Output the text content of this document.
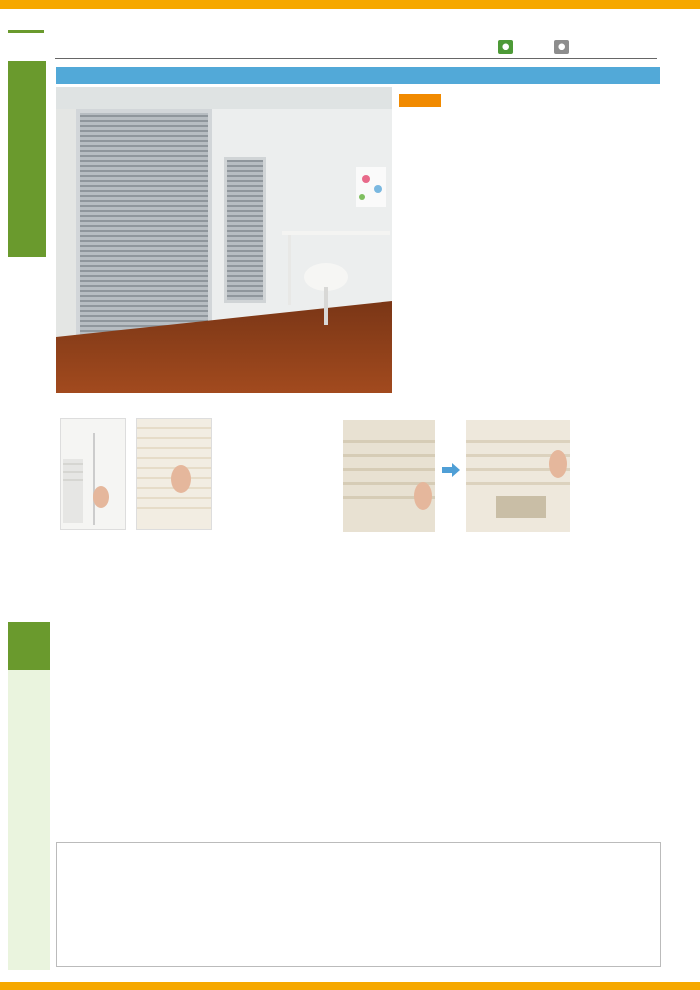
●	●
